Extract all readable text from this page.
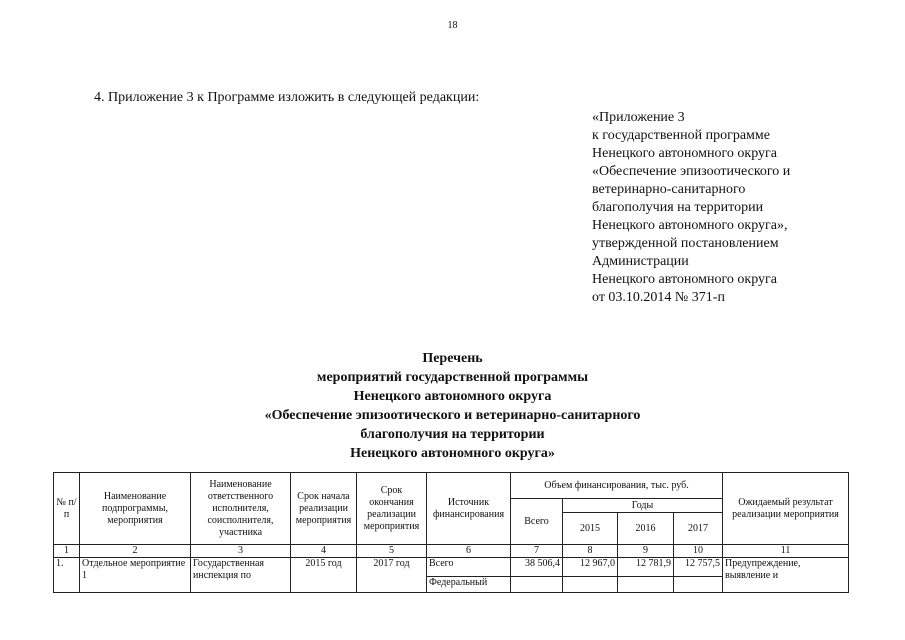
18
4. Приложение 3 к Программе изложить в следующей редакции:
«Приложение 3
к государственной программе
Ненецкого автономного округа
«Обеспечение эпизоотического и
ветеринарно-санитарного
благополучия на территории
Ненецкого автономного округа»,
утвержденной постановлением
Администрации
Ненецкого автономного округа
от 03.10.2014 № 371-п
Перечень
мероприятий государственной программы
Ненецкого автономного округа
«Обеспечение эпизоотического и ветеринарно-санитарного
благополучия на территории
Ненецкого автономного округа»
№ п/п	Наименование подпрограммы, мероприятия	Наименование ответственного исполнителя, соисполнителя, участника	Срок начала реализации мероприятия	Срок окончания реализации мероприятия	Источник финансирования	Объем финансирования, тыс. руб.				Ожидаемый результат реализации мероприятия
						Всего	Годы			
							2015	2016	2017	
1	2	3	4	5	6	7	8	9	10	11
1.	Отдельное мероприятие 1	Государственная инспекция по	2015 год	2017 год	Всего	38 506,4	12 967,0	12 781,9	12 757,5	Предупреждение, выявление и
					Федеральный					
